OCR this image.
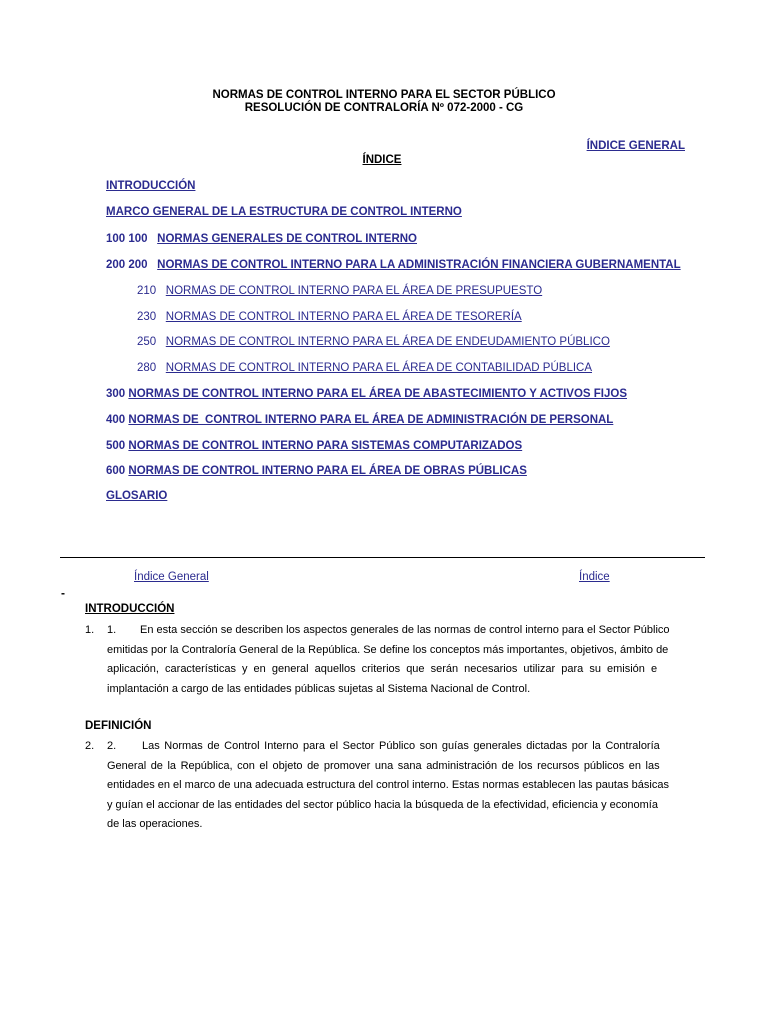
NORMAS DE CONTROL INTERNO PARA EL SECTOR PÚBLICO
RESOLUCIÓN DE CONTRALORÍA Nº 072-2000 - CG
ÍNDICE GENERAL
ÍNDICE
INTRODUCCIÓN
MARCO GENERAL DE LA ESTRUCTURA DE CONTROL INTERNO
100 100 NORMAS GENERALES DE CONTROL INTERNO
200 200 NORMAS DE CONTROL INTERNO PARA LA ADMINISTRACIÓN FINANCIERA GUBERNAMENTAL
210 NORMAS DE CONTROL INTERNO PARA EL ÁREA DE PRESUPUESTO
230 NORMAS DE CONTROL INTERNO PARA EL ÁREA DE TESORERÍA
250 NORMAS DE CONTROL INTERNO PARA EL ÁREA DE ENDEUDAMIENTO PÚBLICO
280 NORMAS DE CONTROL INTERNO PARA EL ÁREA DE CONTABILIDAD PÚBLICA
300 NORMAS DE CONTROL INTERNO PARA EL ÁREA DE ABASTECIMIENTO Y ACTIVOS FIJOS
400 NORMAS DE  CONTROL INTERNO PARA EL ÁREA DE ADMINISTRACIÓN DE PERSONAL
500 NORMAS DE CONTROL INTERNO PARA SISTEMAS COMPUTARIZADOS
600 NORMAS DE CONTROL INTERNO PARA EL ÁREA DE OBRAS PÚBLICAS
GLOSARIO
Índice General	Índice
-
INTRODUCCIÓN
1. 1.	En esta sección se describen los aspectos generales de las normas de control interno para el Sector Público
emitidas por la Contraloría General de la República. Se define los conceptos más importantes, objetivos, ámbito de
aplicación, características y en general aquellos criterios que serán necesarios utilizar para su emisión e
implantación a cargo de las entidades públicas sujetas al Sistema Nacional de Control.
DEFINICIÓN
2. 2.	Las Normas de Control Interno para el Sector Público son guías generales dictadas por la Contraloría
General de la República, con el objeto de promover una sana administración de los recursos públicos en las
entidades en el marco de una adecuada estructura del control interno. Estas normas establecen las pautas básicas
y guían el accionar de las entidades del sector público hacia la búsqueda de la efectividad, eficiencia y economía
de las operaciones.
